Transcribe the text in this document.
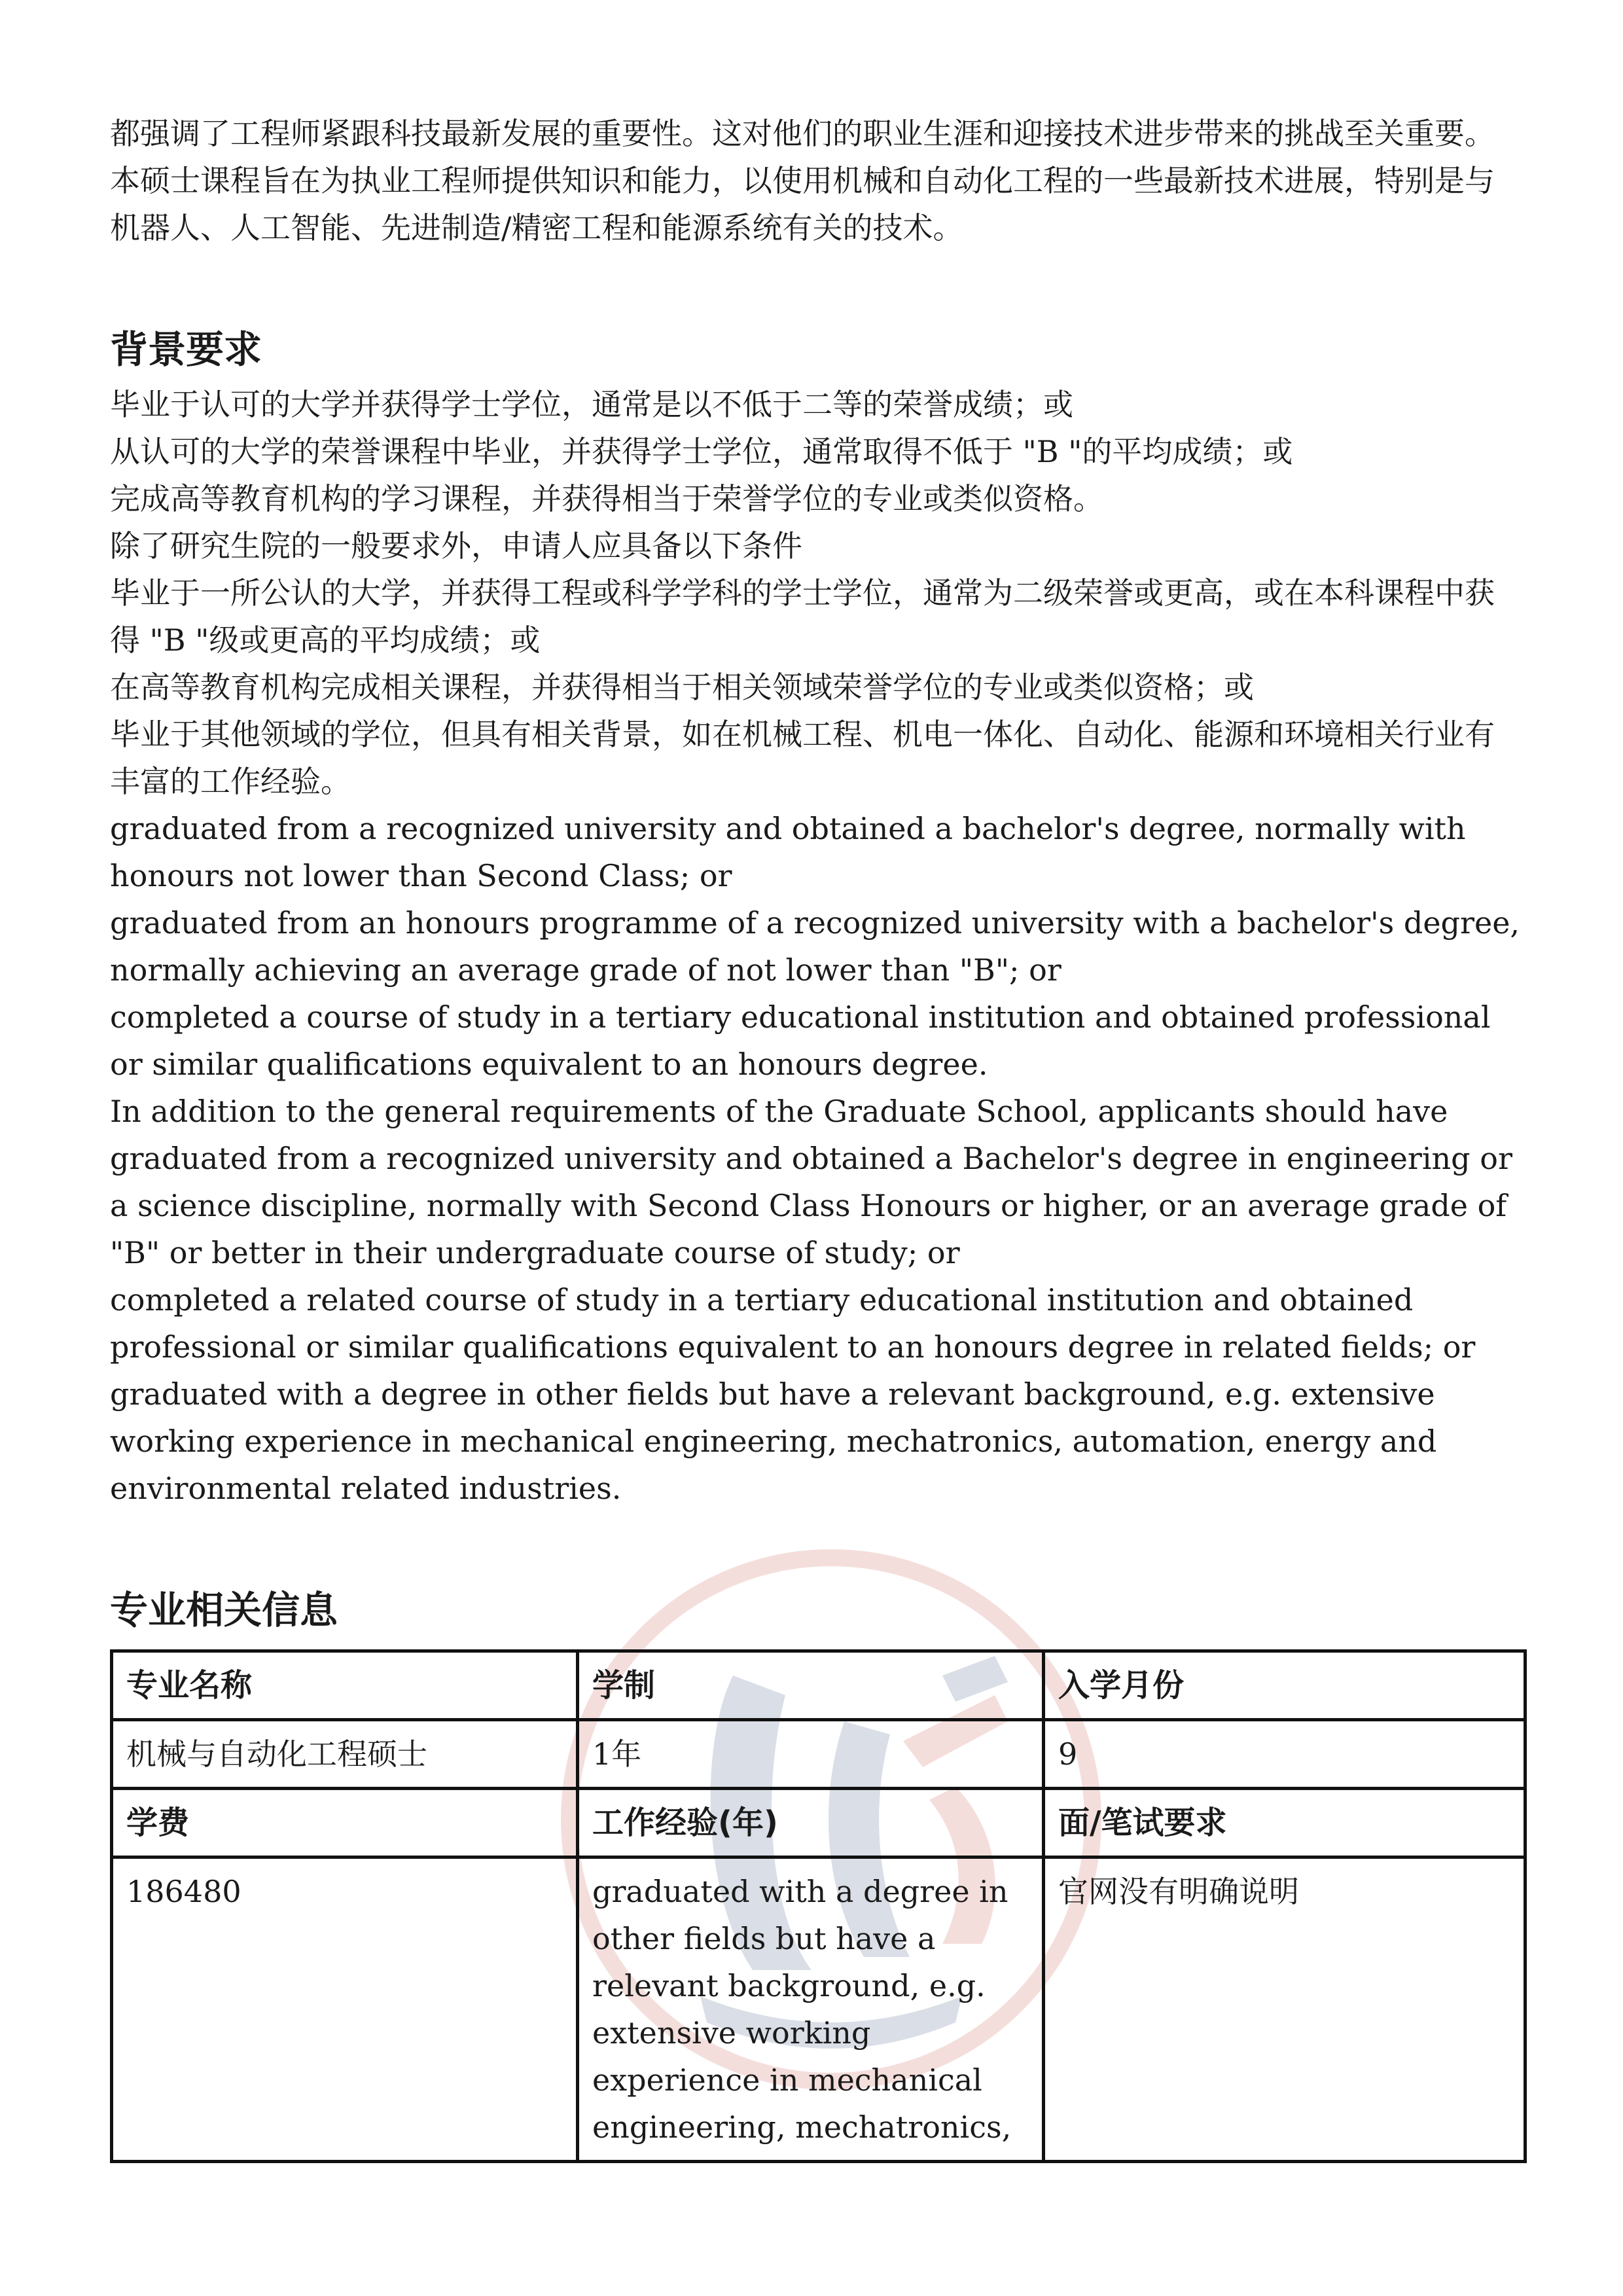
都强调了工程师紧跟科技最新发展的重要性。这对他们的职业生涯和迎接技术进步带来的挑战至关重要。本硕士课程旨在为执业工程师提供知识和能力，以使用机械和自动化工程的一些最新技术进展，特别是与机器人、人工智能、先进制造/精密工程和能源系统有关的技术。

背景要求

毕业于认可的大学并获得学士学位，通常是以不低于二等的荣誉成绩；或

从认可的大学的荣誉课程中毕业，并获得学士学位，通常取得不低于 "B "的平均成绩；或

完成高等教育机构的学习课程，并获得相当于荣誉学位的专业或类似资格。

除了研究生院的一般要求外，申请人应具备以下条件

毕业于一所公认的大学，并获得工程或科学学科的学士学位，通常为二级荣誉或更高，或在本科课程中获得 "B "级或更高的平均成绩；或

在高等教育机构完成相关课程，并获得相当于相关领域荣誉学位的专业或类似资格；或

毕业于其他领域的学位，但具有相关背景，如在机械工程、机电一体化、自动化、能源和环境相关行业有丰富的工作经验。

graduated from a recognized university and obtained a bachelor's degree, normally with honours not lower than Second Class; or

graduated from an honours programme of a recognized university with a bachelor's degree, normally achieving an average grade of not lower than "B"; or

completed a course of study in a tertiary educational institution and obtained professional or similar qualifications equivalent to an honours degree.

In addition to the general requirements of the Graduate School, applicants should have graduated from a recognized university and obtained a Bachelor's degree in engineering or a science discipline, normally with Second Class Honours or higher, or an average grade of "B" or better in their undergraduate course of study; or

completed a related course of study in a tertiary educational institution and obtained professional or similar qualifications equivalent to an honours degree in related fields; or

graduated with a degree in other fields but have a relevant background, e.g. extensive working experience in mechanical engineering, mechatronics, automation, energy and environmental related industries.

专业相关信息
专业名称	学制	入学月份
机械与自动化工程硕士	1年	9
学费	工作经验(年)	面/笔试要求
186480	graduated with a degree in other fields but have a relevant background, e.g. extensive working experience in mechanical engineering, mechatronics,	官网没有明确说明
